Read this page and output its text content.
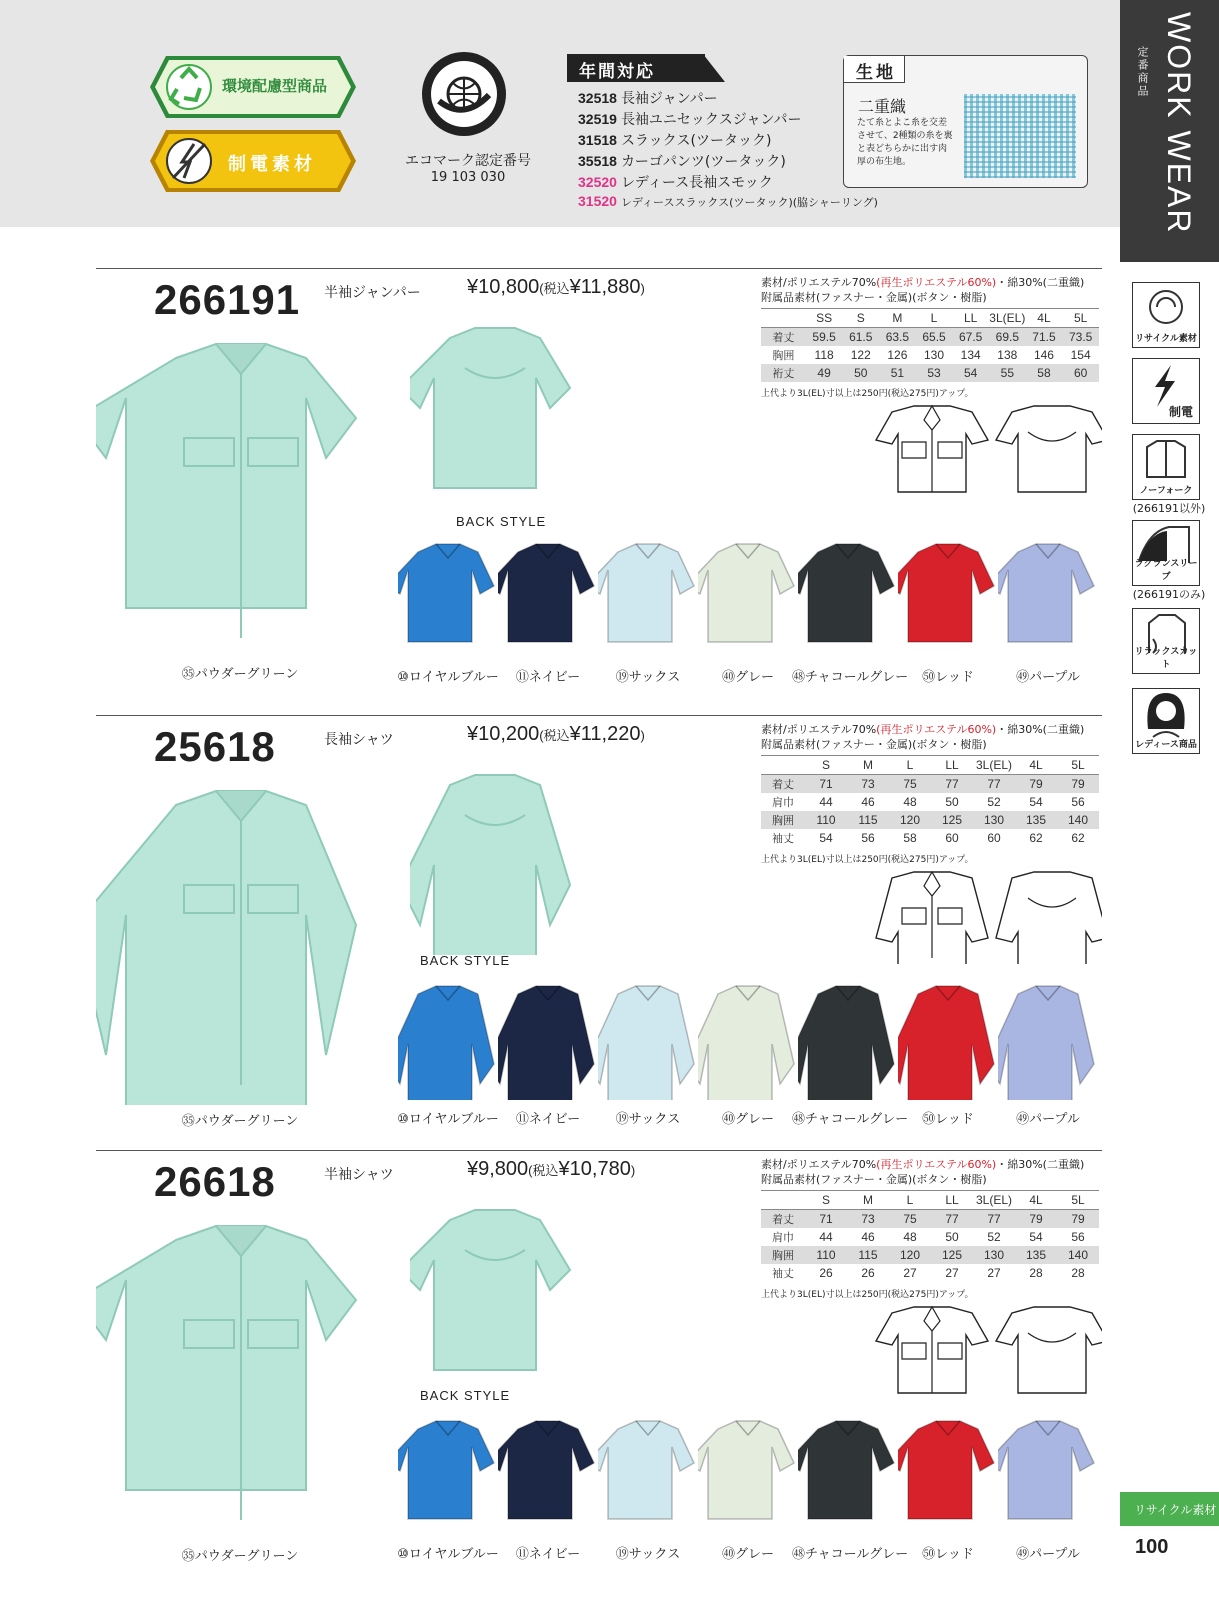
WORK WEAR
定番商品
環境配慮型商品
制電素材	エコマーク認定番号
19 103 030
年間対応
32518 長袖ジャンパー
32519 長袖ユニセックスジャンパー
31518 スラックス(ツータック)
35518 カーゴパンツ(ツータック)
32520 レディース長袖スモック
31520 レディーススラックス(ツータック)(脇シャーリング)
生地
二重織
たて糸とよこ糸を交差
させて、2種類の糸を裏
と表どちらかに出す肉
厚の布生地。
リサイクル素材
制電
ノーフォーク
(266191以外)
ラグランスリーブ
(266191のみ)
リラックスカット
レディース商品
266191 半袖ジャンパー ¥10,800(税込¥11,880)	素材/ポリエステル70%(再生ポリエステル60%)・綿30%(二重織)
附属品素材(ファスナー・金属)(ボタン・樹脂)
	SS	S	M	L	LL	3L(EL)	4L	5L
着丈	59.5	61.5	63.5	65.5	67.5	69.5	71.5	73.5
胸囲	118	122	126	130	134	138	146	154
裄丈	49	50	51	53	54	55	58	60
上代より3L(EL)寸以上は250円(税込275円)アップ。
㉟パウダーグリーン
BACK STYLE
⑩ロイヤルブルー	⑪ネイビー	⑲サックス	㊵グレー	㊽チャコールグレー	㊿レッド	㊾パープル
25618	長袖シャツ	¥10,200(税込¥11,220)	素材/ポリエステル70%(再生ポリエステル60%)・綿30%(二重織)
附属品素材(ファスナー・金属)(ボタン・樹脂)
	S	M	L	LL	3L(EL)	4L	5L
着丈	71	73	75	77	77	79	79
肩巾	44	46	48	50	52	54	56
胸囲	110	115	120	125	130	135	140
袖丈	54	56	58	60	60	62	62
上代より3L(EL)寸以上は250円(税込275円)アップ。
㉟パウダーグリーン
BACK STYLE
⑩ロイヤルブルー	⑪ネイビー	⑲サックス	㊵グレー	㊽チャコールグレー	㊿レッド	㊾パープル
26618	半袖シャツ	¥9,800(税込¥10,780)	素材/ポリエステル70%(再生ポリエステル60%)・綿30%(二重織)
附属品素材(ファスナー・金属)(ボタン・樹脂)
	S	M	L	LL	3L(EL)	4L	5L
着丈	71	73	75	77	77	79	79
肩巾	44	46	48	50	52	54	56
胸囲	110	115	120	125	130	135	140
袖丈	26	26	27	27	27	28	28
上代より3L(EL)寸以上は250円(税込275円)アップ。
㉟パウダーグリーン
BACK STYLE
⑩ロイヤルブルー	⑪ネイビー	⑲サックス	㊵グレー	㊽チャコールグレー	㊿レッド	㊾パープル
リサイクル素材
100
